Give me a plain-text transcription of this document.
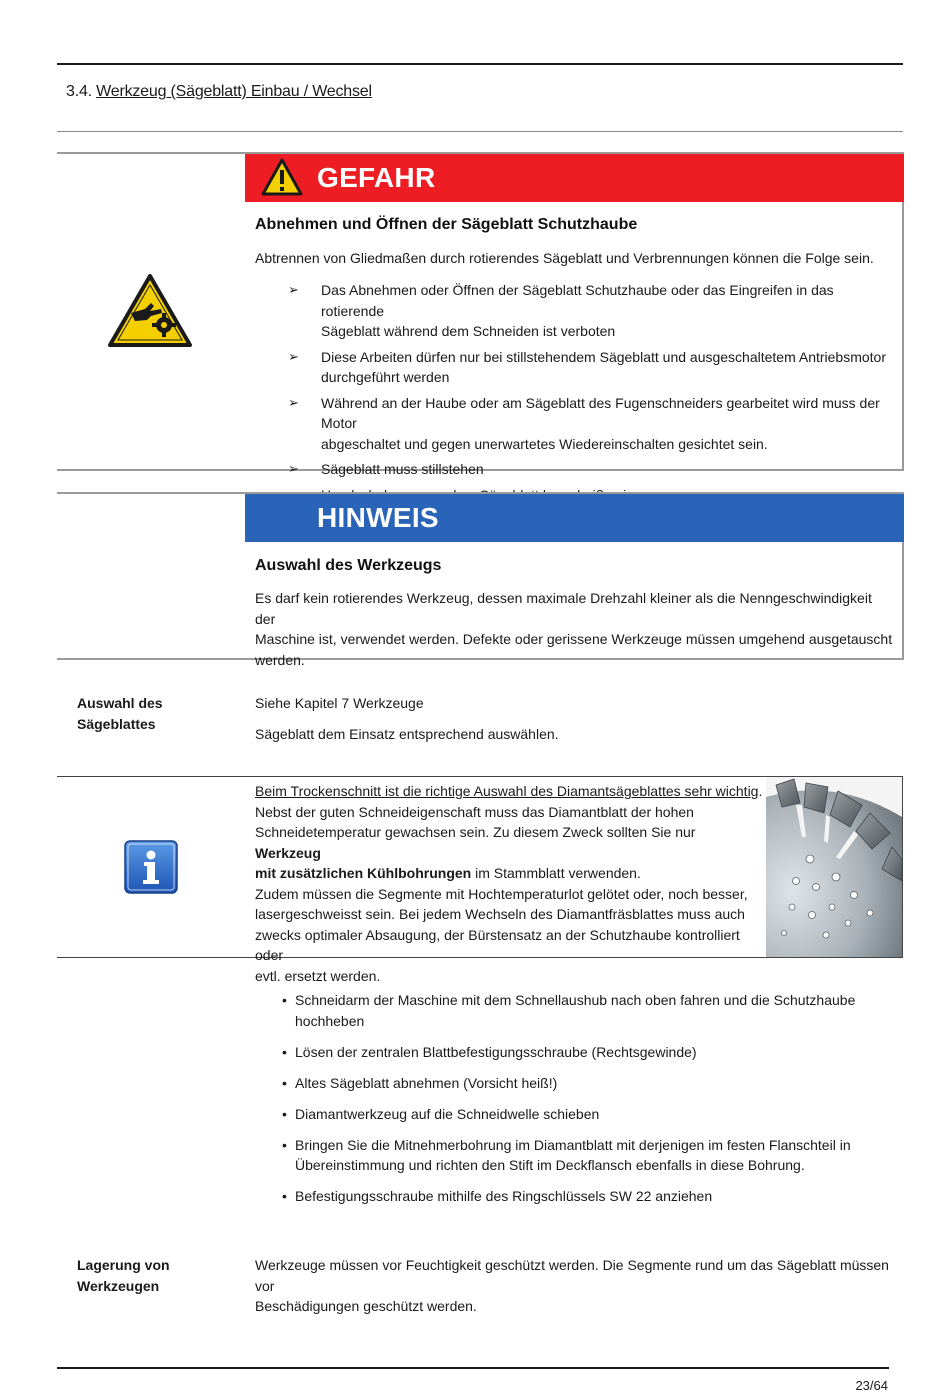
3.4. Werkzeug (Sägeblatt) Einbau / Wechsel
GEFAHR
Abnehmen und Öffnen der Sägeblatt Schutzhaube
Abtrennen von Gliedmaßen durch rotierendes Sägeblatt und Verbrennungen können die Folge sein.
➢ Das Abnehmen oder Öffnen der Sägeblatt Schutzhaube oder das Eingreifen in das rotierende
Sägeblatt während dem Schneiden ist verboten
➢ Diese Arbeiten dürfen nur bei stillstehendem Sägeblatt und ausgeschaltetem Antriebsmotor
durchgeführt werden
➢ Während an der Haube oder am Sägeblatt des Fugenschneiders gearbeitet wird muss der Motor
abgeschaltet und gegen unerwartetes Wiedereinschalten gesichtet sein.
➢ Sägeblatt muss stillstehen
HINWEIS
Auswahl des Werkzeugs
Es darf kein rotierendes Werkzeug, dessen maximale Drehzahl kleiner als die Nenngeschwindigkeit der
Maschine ist, verwendet werden. Defekte oder gerissene Werkzeuge müssen umgehend ausgetauscht
werden.
Auswahl des
Sägeblattes
Siehe Kapitel 7 Werkzeuge
Sägeblatt dem Einsatz entsprechend auswählen.
Beim Trockenschnitt ist die richtige Auswahl des Diamantsägeblattes sehr wichtig.
Nebst der guten Schneideigenschaft muss das Diamantblatt der hohen
Schneidetemperatur gewachsen sein. Zu diesem Zweck sollten Sie nur Werkzeug
mit zusätzlichen Kühlbohrungen im Stammblatt verwenden.
Zudem müssen die Segmente mit Hochtemperaturlot gelötet oder, noch besser,
lasergeschweisst sein. Bei jedem Wechseln des Diamantfräsblattes muss auch
zwecks optimaler Absaugung, der Bürstensatz an der Schutzhaube kontrolliert oder
evtl. ersetzt werden.
• Schneidarm der Maschine mit dem Schnellaushub nach oben fahren und die Schutzhaube
hochheben
• Lösen der zentralen Blattbefestigungsschraube (Rechtsgewinde)
• Altes Sägeblatt abnehmen (Vorsicht heiß!)
• Diamantwerkzeug auf die Schneidwelle schieben
• Bringen Sie die Mitnehmerbohrung im Diamantblatt mit derjenigen im festen Flanschteil in
Übereinstimmung und richten den Stift im Deckflansch ebenfalls in diese Bohrung.
• Befestigungsschraube mithilfe des Ringschlüssels SW 22 anziehen
Lagerung von
Werkzeugen
Werkzeuge müssen vor Feuchtigkeit geschützt werden. Die Segmente rund um das Sägeblatt müssen vor
Beschädigungen geschützt werden.
23/64
